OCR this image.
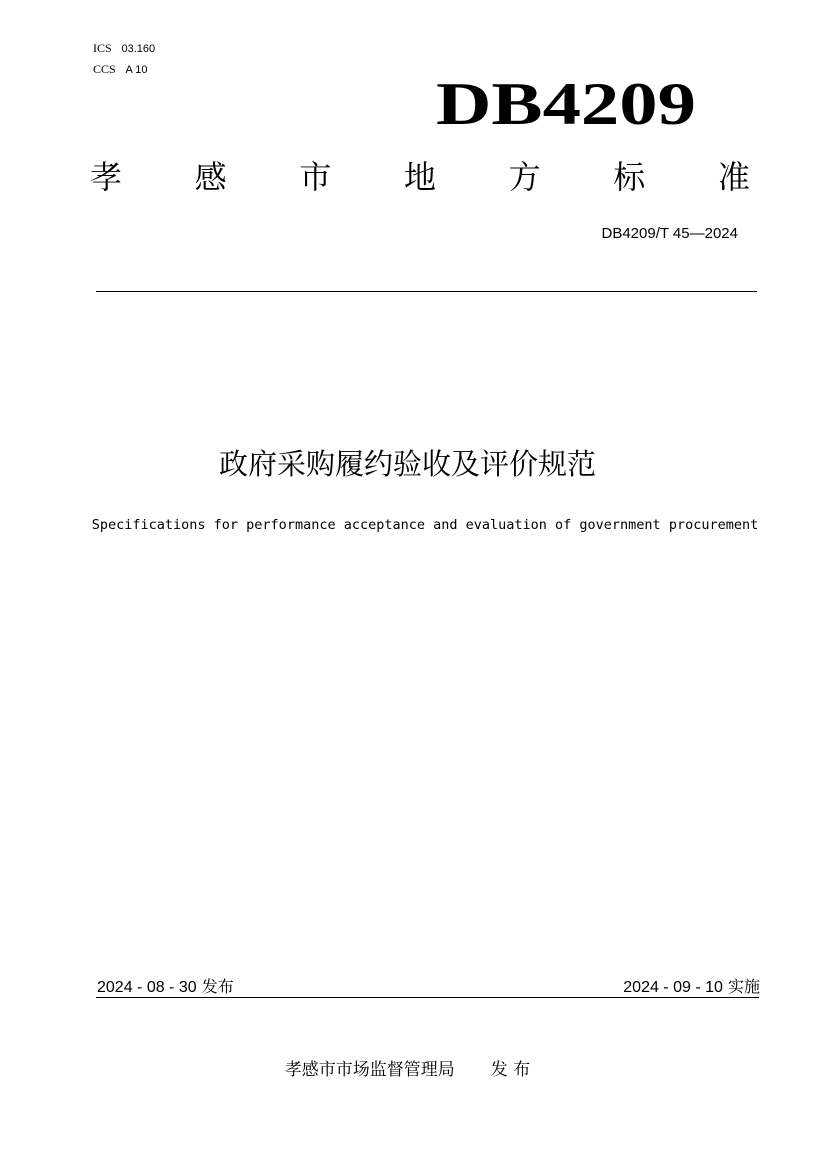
ICS 03.160
CCS A 10
DB4209
孝 感 市 地 方 标 准
DB4209/T 45—2024
政府采购履约验收及评价规范
Specifications for performance acceptance and evaluation of government procurement
2024 - 08 - 30 发布	2024 - 09 - 10 实施
孝感市市场监督管理局 发 布
